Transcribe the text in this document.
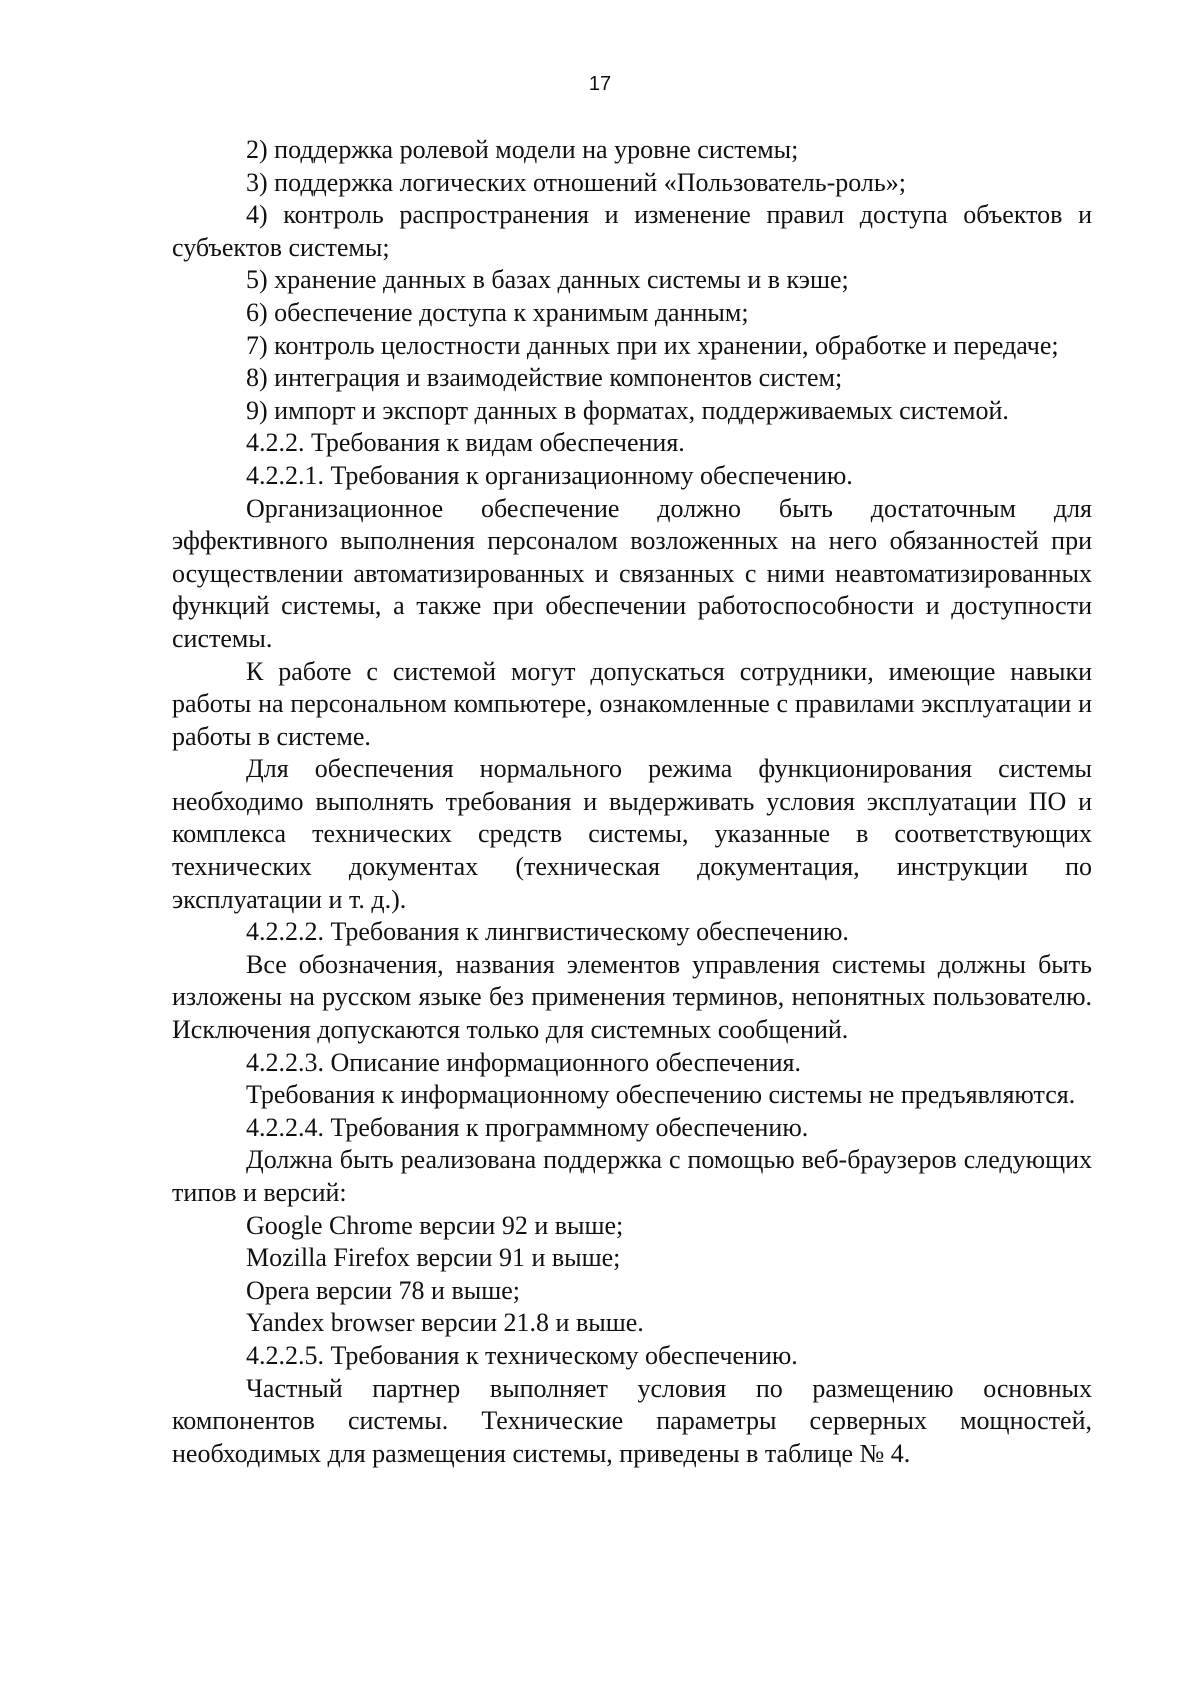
17

2) поддержка ролевой модели на уровне системы;

3) поддержка логических отношений «Пользователь-роль»;

4) контроль распространения и изменение правил доступа объектов и субъектов системы;

5) хранение данных в базах данных системы и в кэше;

6) обеспечение доступа к хранимым данным;

7) контроль целостности данных при их хранении, обработке и передаче;

8) интеграция и взаимодействие компонентов систем;

9) импорт и экспорт данных в форматах, поддерживаемых системой.

4.2.2. Требования к видам обеспечения.

4.2.2.1. Требования к организационному обеспечению.

Организационное обеспечение должно быть достаточным для эффективного выполнения персоналом возложенных на него обязанностей при осуществлении автоматизированных и связанных с ними неавтоматизированных функций системы, а также при обеспечении работоспособности и доступности системы.

К работе с системой могут допускаться сотрудники, имеющие навыки работы на персональном компьютере, ознакомленные с правилами эксплуатации и работы в системе.

Для обеспечения нормального режима функционирования системы необходимо выполнять требования и выдерживать условия эксплуатации ПО и комплекса технических средств системы, указанные в соответствующих технических документах (техническая документация, инструкции по эксплуатации и т. д.).

4.2.2.2. Требования к лингвистическому обеспечению.

Все обозначения, названия элементов управления системы должны быть изложены на русском языке без применения терминов, непонятных пользователю. Исключения допускаются только для системных сообщений.

4.2.2.3. Описание информационного обеспечения.

Требования к информационному обеспечению системы не предъявляются.

4.2.2.4. Требования к программному обеспечению.

Должна быть реализована поддержка с помощью веб-браузеров следующих типов и версий:

Google Chrome версии 92 и выше;

Mozilla Firefox версии 91 и выше;

Opera версии 78 и выше;

Yandex browser версии 21.8 и выше.

4.2.2.5. Требования к техническому обеспечению.

Частный партнер выполняет условия по размещению основных компонентов системы. Технические параметры серверных мощностей, необходимых для размещения системы, приведены в таблице № 4.
